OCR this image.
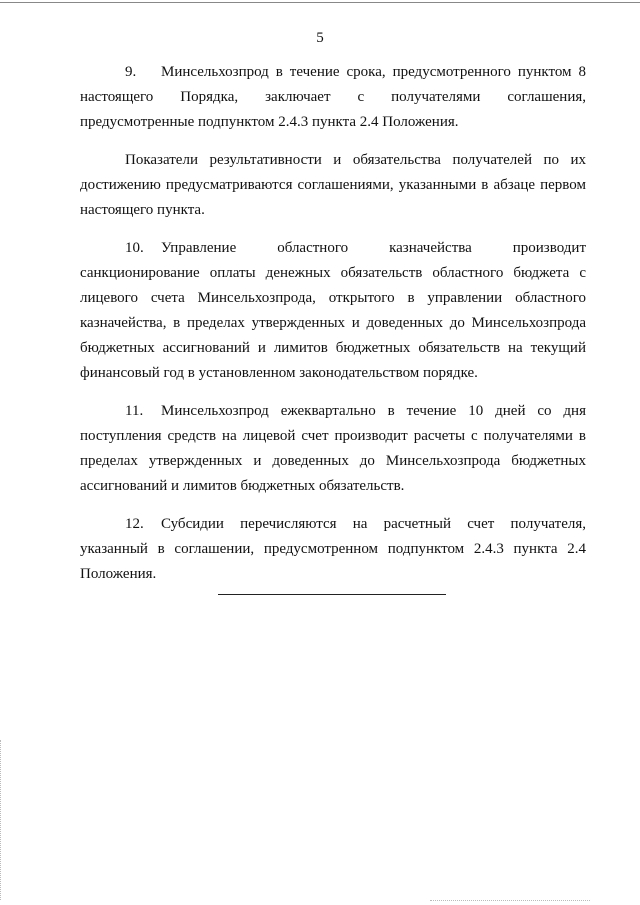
5

9. Минсельхозпрод в течение срока, предусмотренного пунктом 8 настоящего Порядка, заключает с получателями соглашения, предусмотренные подпунктом 2.4.3 пункта 2.4 Положения.

Показатели результативности и обязательства получателей по их достижению предусматриваются соглашениями, указанными в абзаце первом настоящего пункта.

10. Управление областного казначейства производит санкционирование оплаты денежных обязательств областного бюджета с лицевого счета Минсельхозпрода, открытого в управлении областного казначейства, в пределах утвержденных и доведенных до Минсельхозпрода бюджетных ассигнований и лимитов бюджетных обязательств на текущий финансовый год в установленном законодательством порядке.

11. Минсельхозпрод ежеквартально в течение 10 дней со дня поступления средств на лицевой счет производит расчеты с получателями в пределах утвержденных и доведенных до Минсельхозпрода бюджетных ассигнований и лимитов бюджетных обязательств.

12. Субсидии перечисляются на расчетный счет получателя, указанный в соглашении, предусмотренном подпунктом 2.4.3 пункта 2.4 Положения.
